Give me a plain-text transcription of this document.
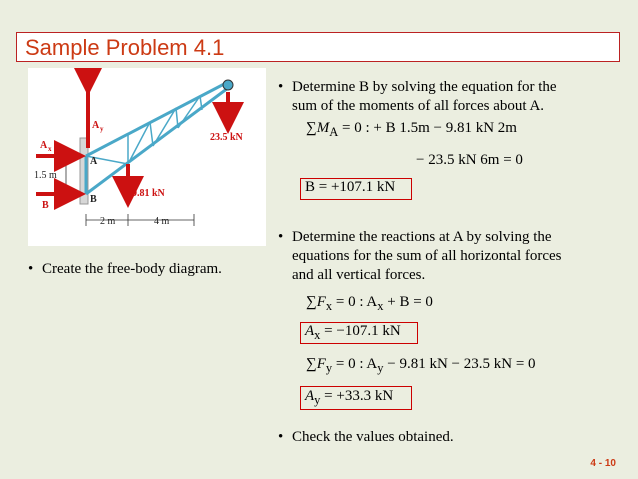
Sample Problem 4.1
A y
A x
B
9.81 kN
23.5 kN
A
B
1.5 m
2 m	4 m
• Create the free-body diagram.
• Determine B by solving the equation for the
sum of the moments of all forces about A.
$\sum M_A = 0$ : + B 1.5m − 9.81 kN 2m
− 23.5 kN 6m = 0
B = +107.1 kN
• Determine the reactions at A by solving the
equations for the sum of all horizontal forces
and all vertical forces.
$\sum F_x = 0$ : $A_x + B = 0$
$A_x = -107.1$ kN
$\sum F_y = 0$ : $A_y - 9.81$ kN − 23.5 kN = 0
$A_y = +33.3$ kN
• Check the values obtained.
4 - 10
